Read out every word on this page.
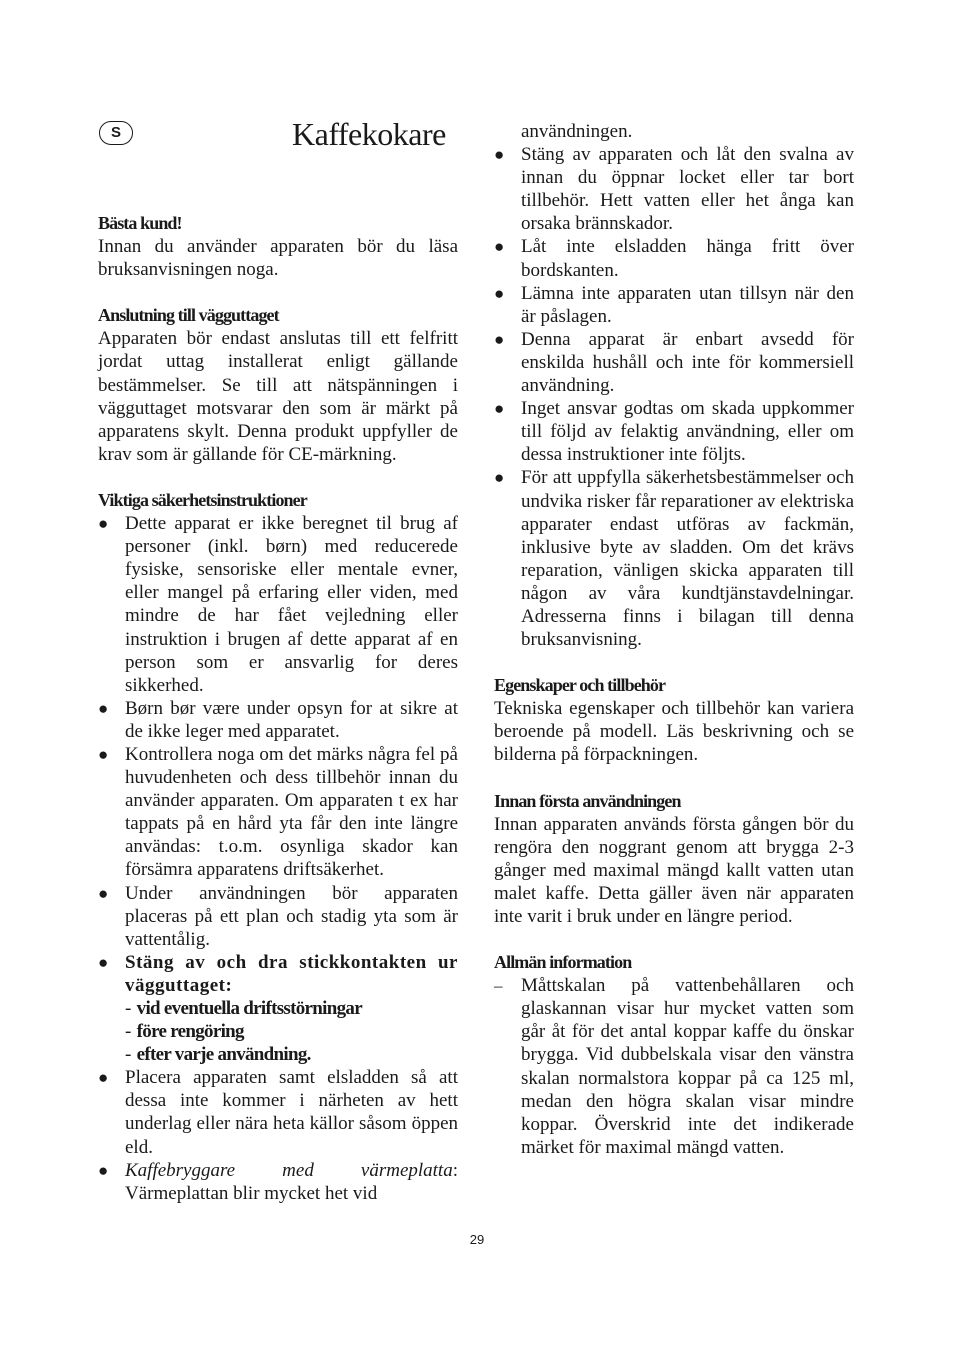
S	Kaffekokare

Bästa kund!

Innan du använder apparaten bör du läsa bruksanvisningen noga.

Anslutning till vägguttaget

Apparaten bör endast anslutas till ett felfritt jordat uttag installerat enligt gällande bestämmelser. Se till att nätspänningen i vägguttaget motsvarar den som är märkt på apparatens skylt. Denna produkt uppfyller de krav som är gällande för CE-märkning.

Viktiga säkerhetsinstruktioner

● Dette apparat er ikke beregnet til brug af personer (inkl. børn) med reducerede fysiske, sensoriske eller mentale evner, eller mangel på erfaring eller viden, med mindre de har fået vejledning eller instruktion i brugen af dette apparat af en person som er ansvarlig for deres sikkerhed.

● Børn bør være under opsyn for at sikre at de ikke leger med apparatet.

● Kontrollera noga om det märks några fel på huvudenheten och dess tillbehör innan du använder apparaten. Om apparaten t ex har tappats på en hård yta får den inte längre användas: t.o.m. osynliga skador kan försämra apparatens driftsäkerhet.

● Under användningen bör apparaten placeras på ett plan och stadig yta som är vattentålig.

● Stäng av och dra stickkontakten ur vägguttaget:

- vid eventuella driftsstörningar

- före rengöring

- efter varje användning.

● Placera apparaten samt elsladden så att dessa inte kommer i närheten av hett underlag eller nära heta källor såsom öppen eld.

● Kaffebryggare med värmeplatta: Värmeplattan blir mycket het vid

användningen.

● Stäng av apparaten och låt den svalna av innan du öppnar locket eller tar bort tillbehör. Hett vatten eller het ånga kan orsaka brännskador.

● Låt inte elsladden hänga fritt över bordskanten.

● Lämna inte apparaten utan tillsyn när den är påslagen.

● Denna apparat är enbart avsedd för enskilda hushåll och inte för kommersiell användning.

● Inget ansvar godtas om skada uppkommer till följd av felaktig användning, eller om dessa instruktioner inte följts.

● För att uppfylla säkerhetsbestämmelser och undvika risker får reparationer av elektriska apparater endast utföras av fackmän, inklusive byte av sladden. Om det krävs reparation, vänligen skicka apparaten till någon av våra kundtjänstavdelningar. Adresserna finns i bilagan till denna bruksanvisning.

Egenskaper och tillbehör

Tekniska egenskaper och tillbehör kan variera beroende på modell. Läs beskrivning och se bilderna på förpackningen.

Innan första användningen

Innan apparaten används första gången bör du rengöra den noggrant genom att brygga 2-3 gånger med maximal mängd kallt vatten utan malet kaffe. Detta gäller även när apparaten inte varit i bruk under en längre period.

Allmän information

– Måttskalan på vattenbehållaren och glaskannan visar hur mycket vatten som går åt för det antal koppar kaffe du önskar brygga. Vid dubbelskala visar den vänstra skalan normalstora koppar på ca 125 ml, medan den högra skalan visar mindre koppar. Överskrid inte det indikerade märket för maximal mängd vatten.

29
